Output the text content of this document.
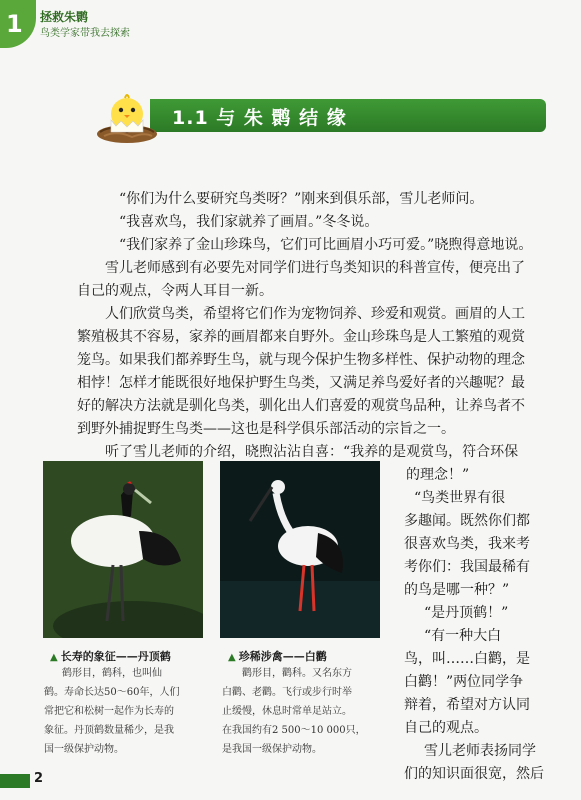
1 拯救朱鹮
鸟类学家带我去探索
1.1 与 朱 鹮 结 缘

“你们为什么要研究鸟类呀？”刚来到俱乐部，雪儿老师问。

“我喜欢鸟，我们家就养了画眉。”冬冬说。

“我们家养了金山珍珠鸟，它们可比画眉小巧可爱。”晓煦得意地说。

雪儿老师感到有必要先对同学们进行鸟类知识的科普宣传，便亮出了

自己的观点，令两人耳目一新。

人们欣赏鸟类，希望将它们作为宠物饲养、珍爱和观赏。画眉的人工

繁殖极其不容易，家养的画眉都来自野外。金山珍珠鸟是人工繁殖的观赏

笼鸟。如果我们都养野生鸟，就与现今保护生物多样性、保护动物的理念

相悖！怎样才能既很好地保护野生鸟类，又满足养鸟爱好者的兴趣呢？最

好的解决方法就是驯化鸟类，驯化出人们喜爱的观赏鸟品种，让养鸟者不

到野外捕捉野生鸟类——这也是科学俱乐部活动的宗旨之一。

听了雪儿老师的介绍，晓煦沾沾自喜：“我养的是观赏鸟，符合环保

的理念！”

“鸟类世界有很

多趣闻。既然你们都

很喜欢鸟类，我来考

考你们：我国最稀有

的鸟是哪一种？”

“是丹顶鹤！”

“有一种大白

鸟，叫……白鹳，是

白鹳！”两位同学争

辩着，希望对方认同

自己的观点。

雪儿老师表扬同学

们的知识面很宽，然后

▲ 长寿的象征——丹顶鹤

鹤形目，鹤科，也叫仙

鹤。寿命长达50～60年，人们

常把它和松树一起作为长寿的

象征。丹顶鹤数量稀少，是我

国一级保护动物。

▲ 珍稀涉禽——白鹳

鹳形目，鹳科。又名东方

白鹳、老鹳。飞行或步行时举

止缓慢，休息时常单足站立。

在我国约有2 500～10 000只，

是我国一级保护动物。

2
